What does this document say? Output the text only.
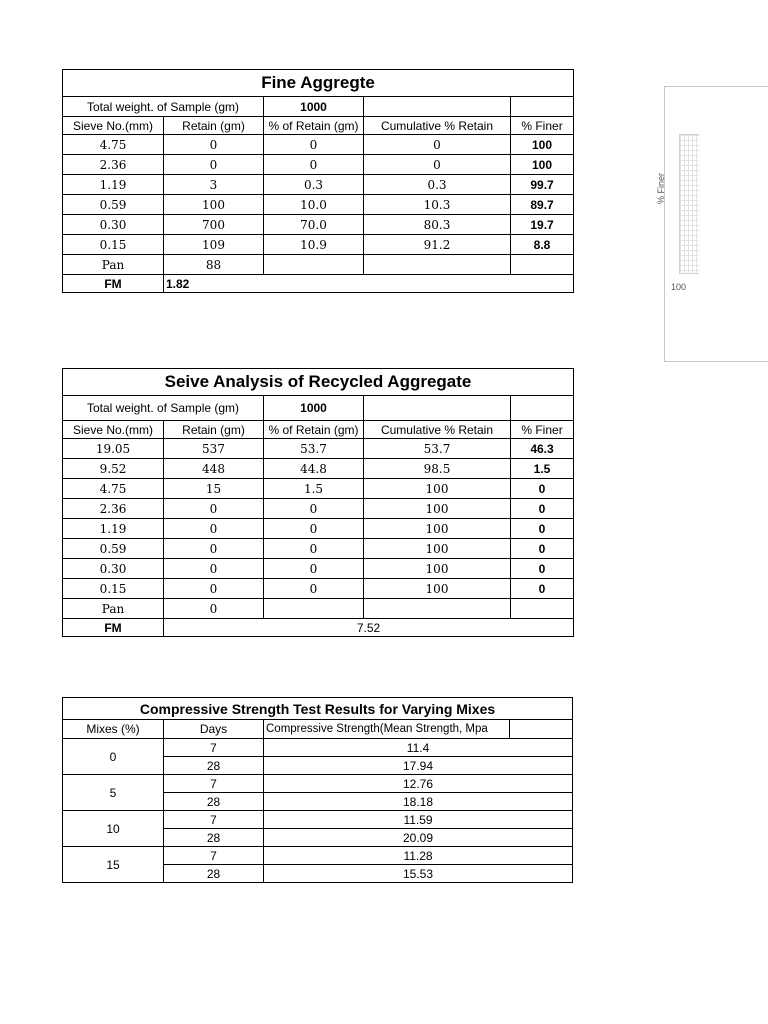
Fine Aggregte				
Total weight. of Sample (gm)		1000		
Sieve No.(mm)	Retain (gm)	% of Retain (gm)	Cumulative % Retain	% Finer
4.75	0	0	0	100
2.36	0	0	0	100
1.19	3	0.3	0.3	99.7
0.59	100	10.0	10.3	89.7
0.30	700	70.0	80.3	19.7
0.15	109	10.9	91.2	8.8
Pan	88			
FM	1.82			
Seive Analysis of Recycled Aggregate				
Total weight. of Sample (gm)		1000		
Sieve No.(mm)	Retain (gm)	% of Retain (gm)	Cumulative % Retain	% Finer
19.05	537	53.7	53.7	46.3
9.52	448	44.8	98.5	1.5
4.75	15	1.5	100	0
2.36	0	0	100	0
1.19	0	0	100	0
0.59	0	0	100	0
0.30	0	0	100	0
0.15	0	0	100	0
Pan	0			
FM	7.52			
Compressive Strength Test Results for Varying Mixes			
Mixes (%)	Days	Compressive Strength(Mean Strength, Mpa	
0	7	11.4	
	28	17.94	
5	7	12.76	
	28	18.18	
10	7	11.59	
	28	20.09	
15	7	11.28	
	28	15.53	
% Finer
100
